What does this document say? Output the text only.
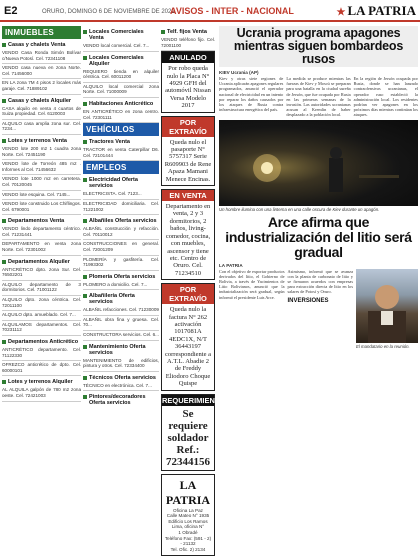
E2	ORURO, DOMINGO 6 DE NOVIEMBRE DE 2022
AVISOS - INTER - NACIONAL	★ LA PATRIA
INMUEBLES
Casas y chalets Venta
VENDO Casa Ronda Simón Bolívar c/Nueva Potosí. Cel. 72341108
VENDO casa nueva en zona Norte. Cel. 71456000
EN LA zona 7M 4 pisos 2 locales más garaje. Cel. 71889102
Casas y chalets Alquiler
CASA alquilo en venta 4 cuartos de Suiza propiedad. Cel. 6120003
ALQUILO casa amplia zona sur. Cel. 7234...
Lotes y terrenos Venta
VENDO lote 200 m2 1 cuadra zona Norte. Cel. 72451190
VENDO lote de Torreón 485 m2 . Informes al Cel. 71456632
VENDO lote 1000 m2 en carretera. Cel. 70120045
VENDO lote esquina. Cel. 7145...
VENDO lote construido Los Chiflingos. Cel. 6790001
Departamentos Venta
VENDO lindo departamento céntrico. Cel. 71231441
DEPARTAMENTO en venta zona Norte. Cel. 72301002
Departamentos Alquiler
ANTICRÉTICO dpto. zona Sur. Cel. 76502201
ALQUILO departamento de 3 dormitorios. Cel. 71001122
ALQUILO dpto. zona céntrica. Cel. 72011100
ALQUILO dpto. amueblado. Cel. 7...
ALQUILAMOS departamentos. Cel. 70231112
Departamentos Anticrético
ANTICRÉTICO departamento. Cel. 71122330
OFREZCO anticrético de dpto. Cel. 60000101
Lotes y terrenos Alquiler
AL ALQUILA galpón de 780 m2 zona oeste. Cel. 72421003
Locales Comerciales Venta
VENDO local comercial. Cel. 7...
Locales Comerciales Alquiler
REQUIERO tienda en alquiler céntrica. Cel. 60011200
ALQUILO local comercial zona Norte. Cel. 71000009
Habitaciones Anticrético
EN ANTICRÉTICO en zona centro. Cel. 72301111
VEHÍCULOS
Tractores Venta
TRACTOR en venta Caterpillar D6. Cel. 72101444
EMPLEOS
Electricidad Oferta servicios
ELECTRICISTA. Cel. 7123...
ELECTRICIDAD domiciliaria. Cel. 71221002
Albañiles Oferta servicios
ALBAÑIL construcción y refacción. Cel. 70110012
CONSTRUCCIONES en general. Cel. 72001209
PLOMERÍA y gasfitería. Cel. 71993302
Plomería Oferta servicios
PLOMERO a domicilio. Cel. 7...
Albañilería Oferta servicios
ALBAÑIL refacciones. Cel. 71230009
ALBAÑIL obra fina y gruesa. Cel. 70...
CONSTRUCTORA servicios. Cel. 6...
Mantenimiento Oferta servicios
MANTENIMIENTO de edificios, pintura y otros. Cel. 72334400
Técnicos Oferta servicios
TÉCNICO en electrónica. Cel. 7...
Pintores/decoradores Oferta servicios
Telf. fijos Venta
VENDO teléfono fijo. Cel. 72001100
ANULADO
Por robo queda nulo la Placa N° 4929 GFH del automóvil Nissan Versa Modelo 2017
POR EXTRAVÍO
Queda nulo el pasaporte N° 5757317 Serie R609903 de Rene Apaza Mamani Menece Encinas.
EN VENTA
Departamento en venta, 2 y 3 dormitorios, 2 baños, living-comedor, cocina, con muebles, ascensor y tiene etc. Centro de Oruro. Cel. 71234510
POR EXTRAVÍO
Queda nulo la factura N° 262 activación 1017081A 4EDC1X, N/T 36443197 correspondiente a A.T.L. Abadie 2 de Freddy Eliodoro Choque Quispe
REQUERIMIENTO
Se requiere soldador Ref.: 72344156
LA PATRIA
Oficina La Paz
Calle Mateo N° 1935 Edificio Los Ramos Lima, oficina N°
1 Obradé
Teléfono Fax: (591 - 2) - 21132
Tel. Ofic. 2) 2134
Ucrania programa apagones mientras siguen bombardeos rusos
KIEV Ucrania (AP)
Kiev y otras siete regiones de Ucrania aplicarán apagones regulares programados, anunció el operador nacional de electricidad en un intento por reparar los daños causados por los ataques de Rusia contra infraestructura energética del país.
La medida se produce mientras las fuerzas de Kiev y Moscú se preparan para una batalla en la ciudad sureña de Jersón, que fue ocupada por Rusia en las primeras semanas de la invasión. Las autoridades ucranianas acusan al Kremlin de haber desplazado a la población local.
En la región de Jersón ocupada por Rusia, donde se han lanzado contraofensivas ucranianas, el operador ruso estableció la administración local. Los residentes podrían ver apagones en los próximos días mientras continúan los ataques.
Un hombre ilumina con una linterna en una calle oscura de Kiev durante un apagón.
Arce afirma que industrialización del litio será gradual
LA PATRIA
Con el objetivo de exportar productos derivados del litio, el Gobierno de Bolivia, a través de Yacimientos de Litio Bolivianos, anunció que la industrialización será gradual, según informó el presidente Luis Arce.
Asimismo, informó que se avanza con la planta de carbonato de litio y se firmaron acuerdos con empresas para extracción directa de litio en los salares de Potosí y Oruro.
INVERSIONES
El mandatario en la reunión.
